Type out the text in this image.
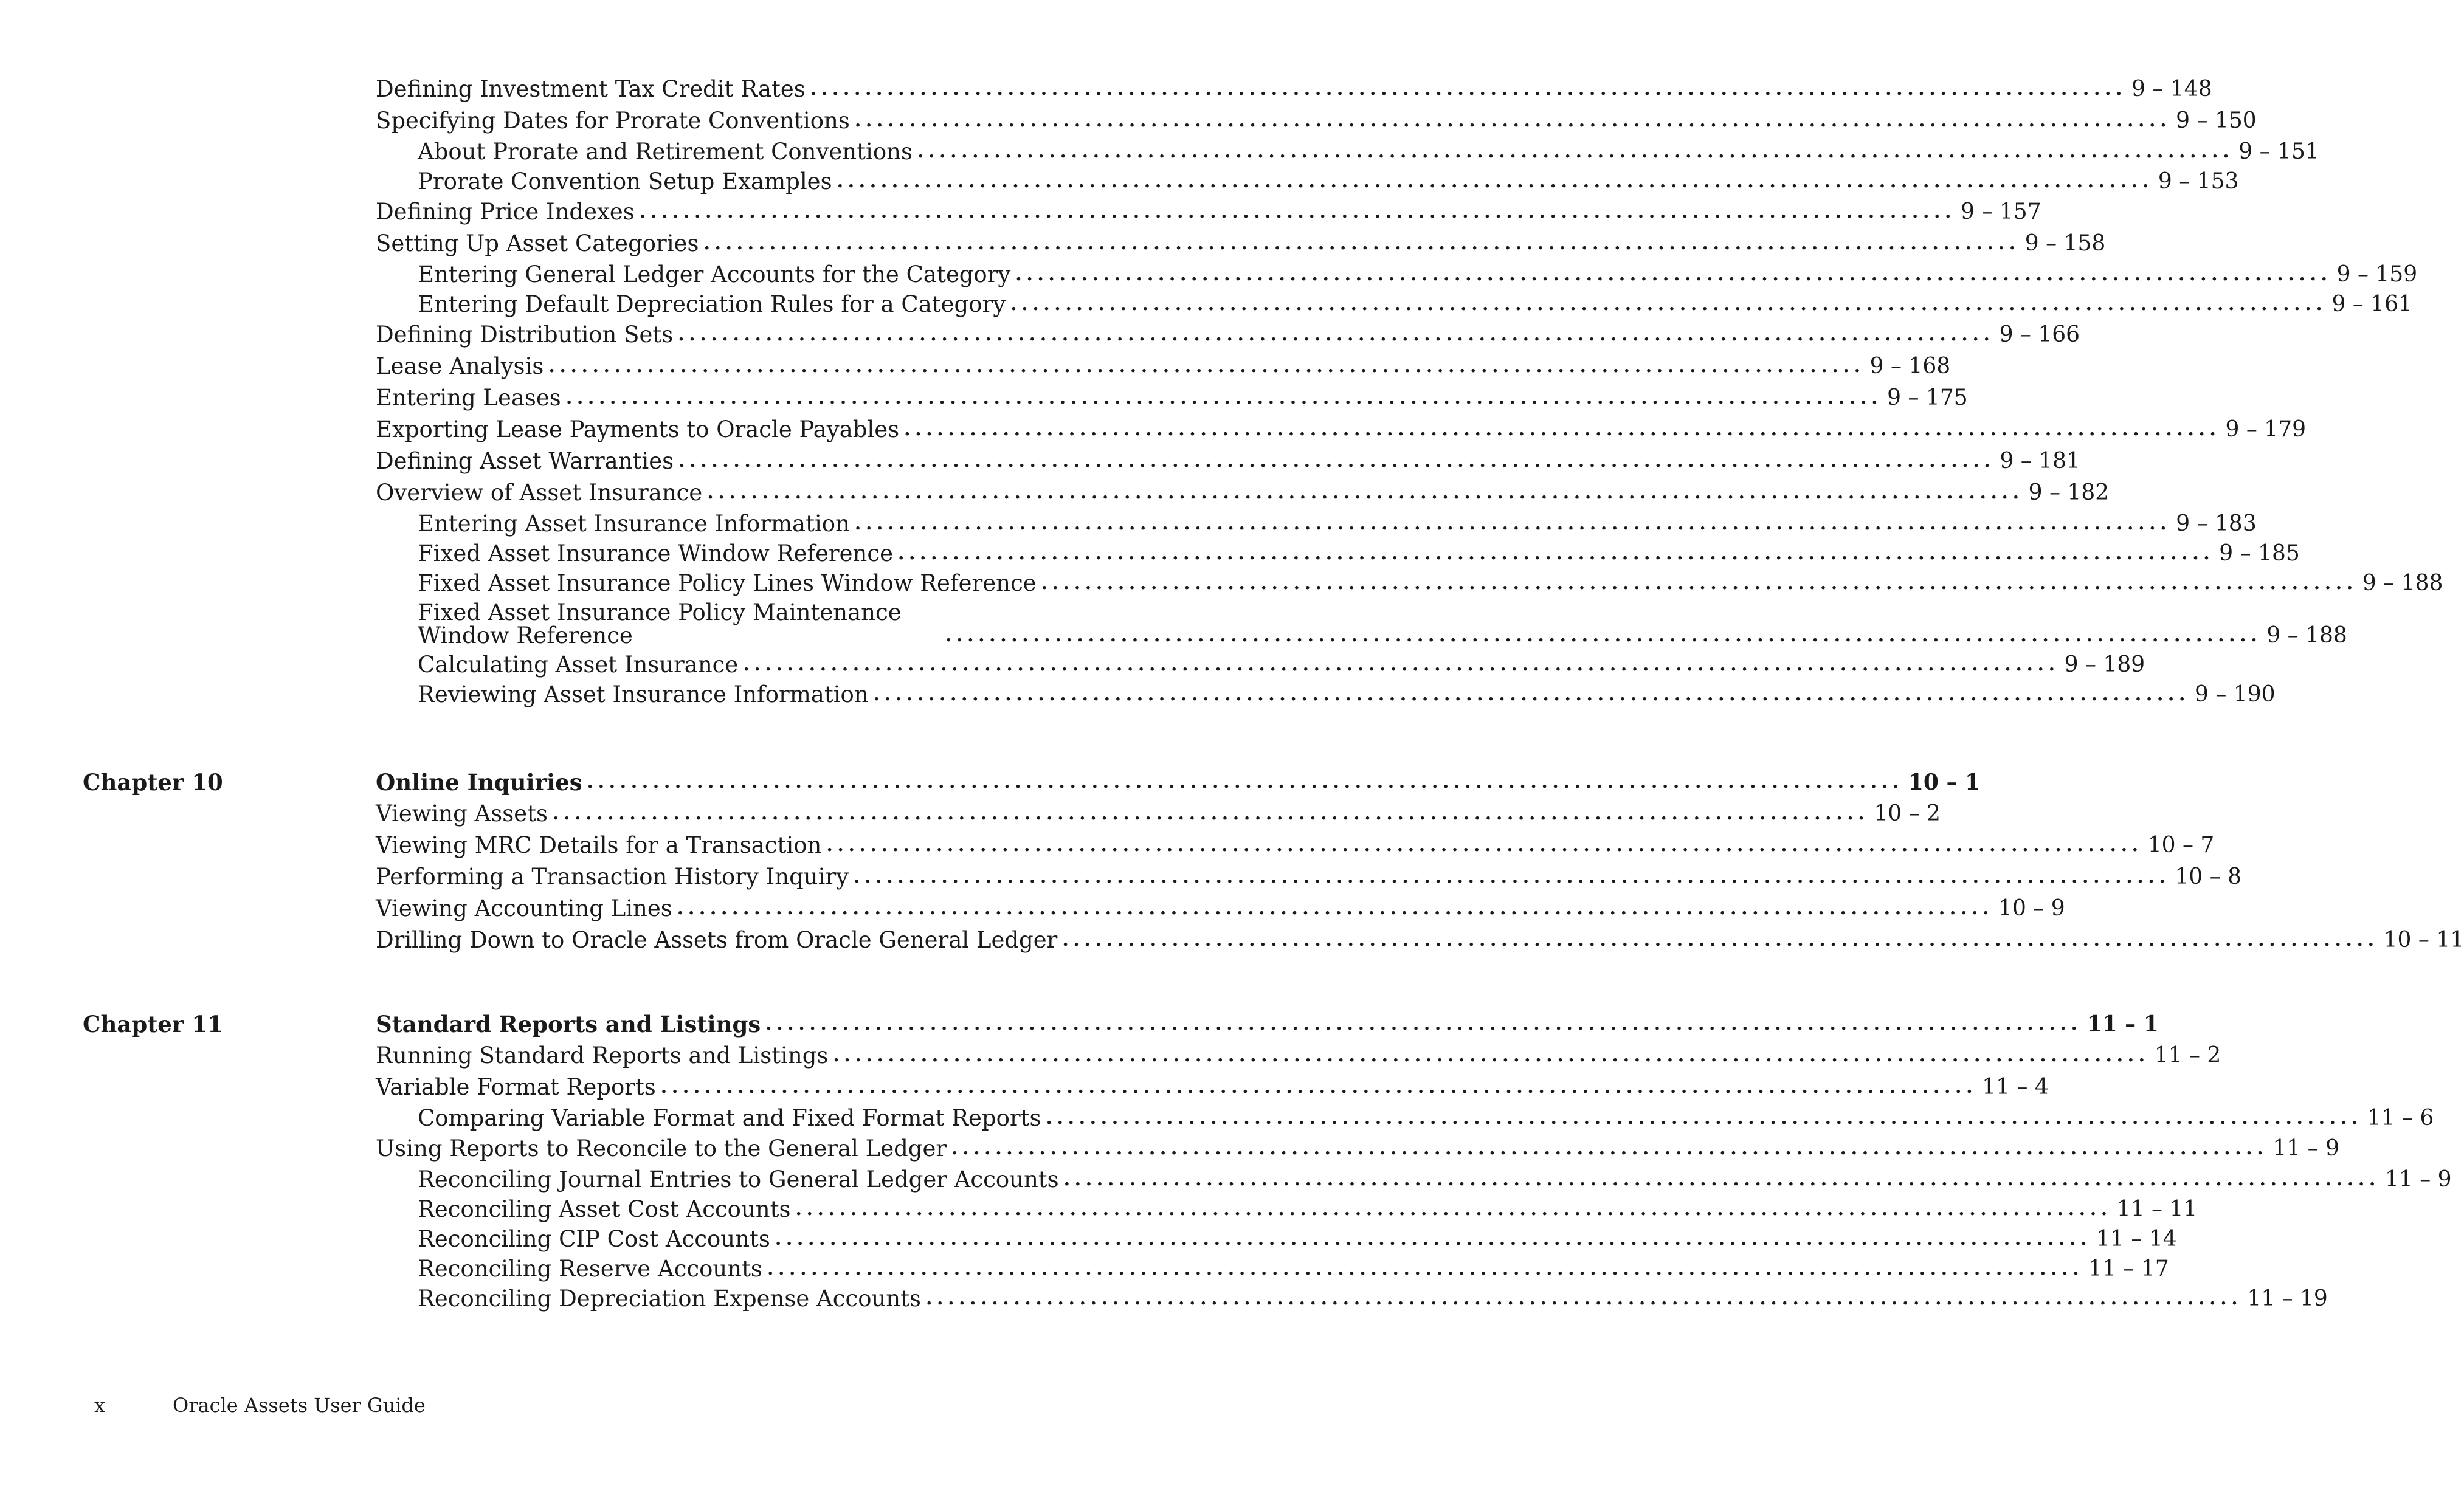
Defining Investment Tax Credit Rates ........................................................................................................................ 9 – 148
Specifying Dates for Prorate Conventions ........................................................................................................................ 9 – 150
About Prorate and Retirement Conventions ........................................................................................................................ 9 – 151
Prorate Convention Setup Examples ........................................................................................................................ 9 – 153
Defining Price Indexes ........................................................................................................................ 9 – 157
Setting Up Asset Categories ........................................................................................................................ 9 – 158
Entering General Ledger Accounts for the Category ........................................................................................................................ 9 – 159
Entering Default Depreciation Rules for a Category ........................................................................................................................ 9 – 161
Defining Distribution Sets ........................................................................................................................ 9 – 166
Lease Analysis ........................................................................................................................ 9 – 168
Entering Leases ........................................................................................................................ 9 – 175
Exporting Lease Payments to Oracle Payables ........................................................................................................................ 9 – 179
Defining Asset Warranties ........................................................................................................................ 9 – 181
Overview of Asset Insurance ........................................................................................................................ 9 – 182
Entering Asset Insurance Information ........................................................................................................................ 9 – 183
Fixed Asset Insurance Window Reference ........................................................................................................................ 9 – 185
Fixed Asset Insurance Policy Lines Window Reference ........................................................................................................................ 9 – 188
Fixed Asset Insurance Policy Maintenance Window Reference	........................................................................................................................ 9 – 188
Calculating Asset Insurance ........................................................................................................................ 9 – 189
Reviewing Asset Insurance Information ........................................................................................................................ 9 – 190
Chapter 10	Online Inquiries ........................................................................................................................ 10 – 1
Viewing Assets ........................................................................................................................ 10 – 2
Viewing MRC Details for a Transaction ........................................................................................................................ 10 – 7
Performing a Transaction History Inquiry ........................................................................................................................ 10 – 8
Viewing Accounting Lines ........................................................................................................................ 10 – 9
Drilling Down to Oracle Assets from Oracle General Ledger ........................................................................................................................ 10 – 11
Chapter 11	Standard Reports and Listings ........................................................................................................................ 11 – 1
Running Standard Reports and Listings ........................................................................................................................ 11 – 2
Variable Format Reports ........................................................................................................................ 11 – 4
Comparing Variable Format and Fixed Format Reports ........................................................................................................................ 11 – 6
Using Reports to Reconcile to the General Ledger ........................................................................................................................ 11 – 9
Reconciling Journal Entries to General Ledger Accounts ........................................................................................................................ 11 – 9
Reconciling Asset Cost Accounts ........................................................................................................................ 11 – 11
Reconciling CIP Cost Accounts ........................................................................................................................ 11 – 14
Reconciling Reserve Accounts ........................................................................................................................ 11 – 17
Reconciling Depreciation Expense Accounts ........................................................................................................................ 11 – 19
x	Oracle Assets User Guide
